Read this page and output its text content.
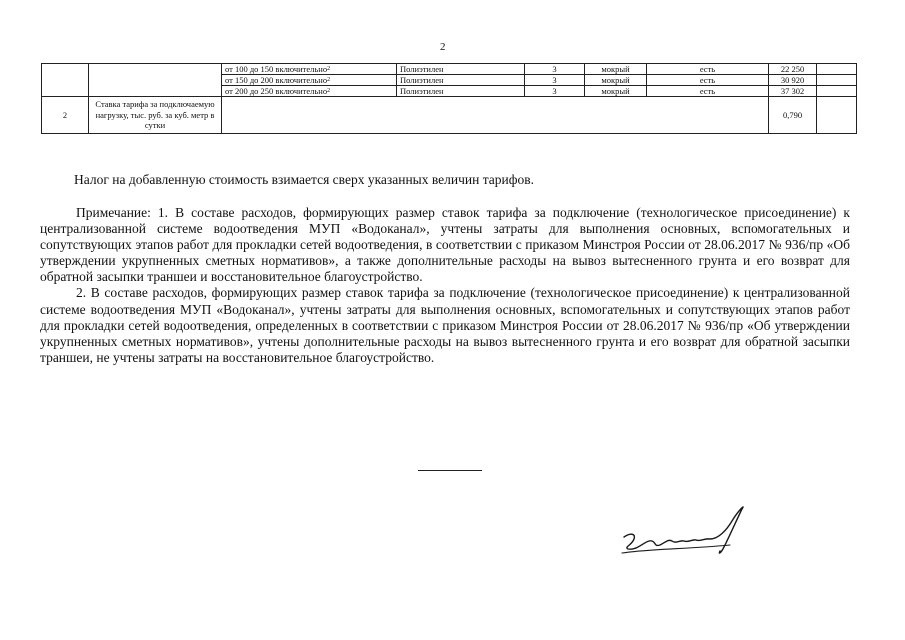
2
		от 100 до 150 включительно$^2$	Полиэтилен	3	мокрый	есть	22 250	
		от 150 до 200 включительно$^2$	Полиэтилен	3	мокрый	есть	30 920	
		от 200 до 250 включительно$^2$	Полиэтилен	3	мокрый	есть	37 302	
2	Ставка тарифа за подключаемую нагрузку, тыс. руб. за куб. метр в сутки						0,790	
Налог на добавленную стоимость взимается сверх указанных величин тарифов.

Примечание: 1. В составе расходов, формирующих размер ставок тарифа за подключение (технологическое присоединение) к централизованной системе водоотведения МУП «Водоканал», учтены затраты для выполнения основных, вспомогательных и сопутствующих этапов работ для прокладки сетей водоотведения, в соответствии с приказом Минстроя России от 28.06.2017 № 936/пр «Об утверждении укрупненных сметных нормативов», а также дополнительные расходы на вывоз вытесненного грунта и его возврат для обратной засыпки траншеи и восстановительное благоустройство.

2. В составе расходов, формирующих размер ставок тарифа за подключение (технологическое присоединение) к централизованной системе водоотведения МУП «Водоканал», учтены затраты для выполнения основных, вспомогательных и сопутствующих этапов работ для прокладки сетей водоотведения, определенных в соответствии с приказом Минстроя России от 28.06.2017 № 936/пр «Об утверждении укрупненных сметных нормативов», учтены дополнительные расходы на вывоз вытесненного грунта и его возврат для обратной засыпки траншеи, не учтены затраты на восстановительное благоустройство.
